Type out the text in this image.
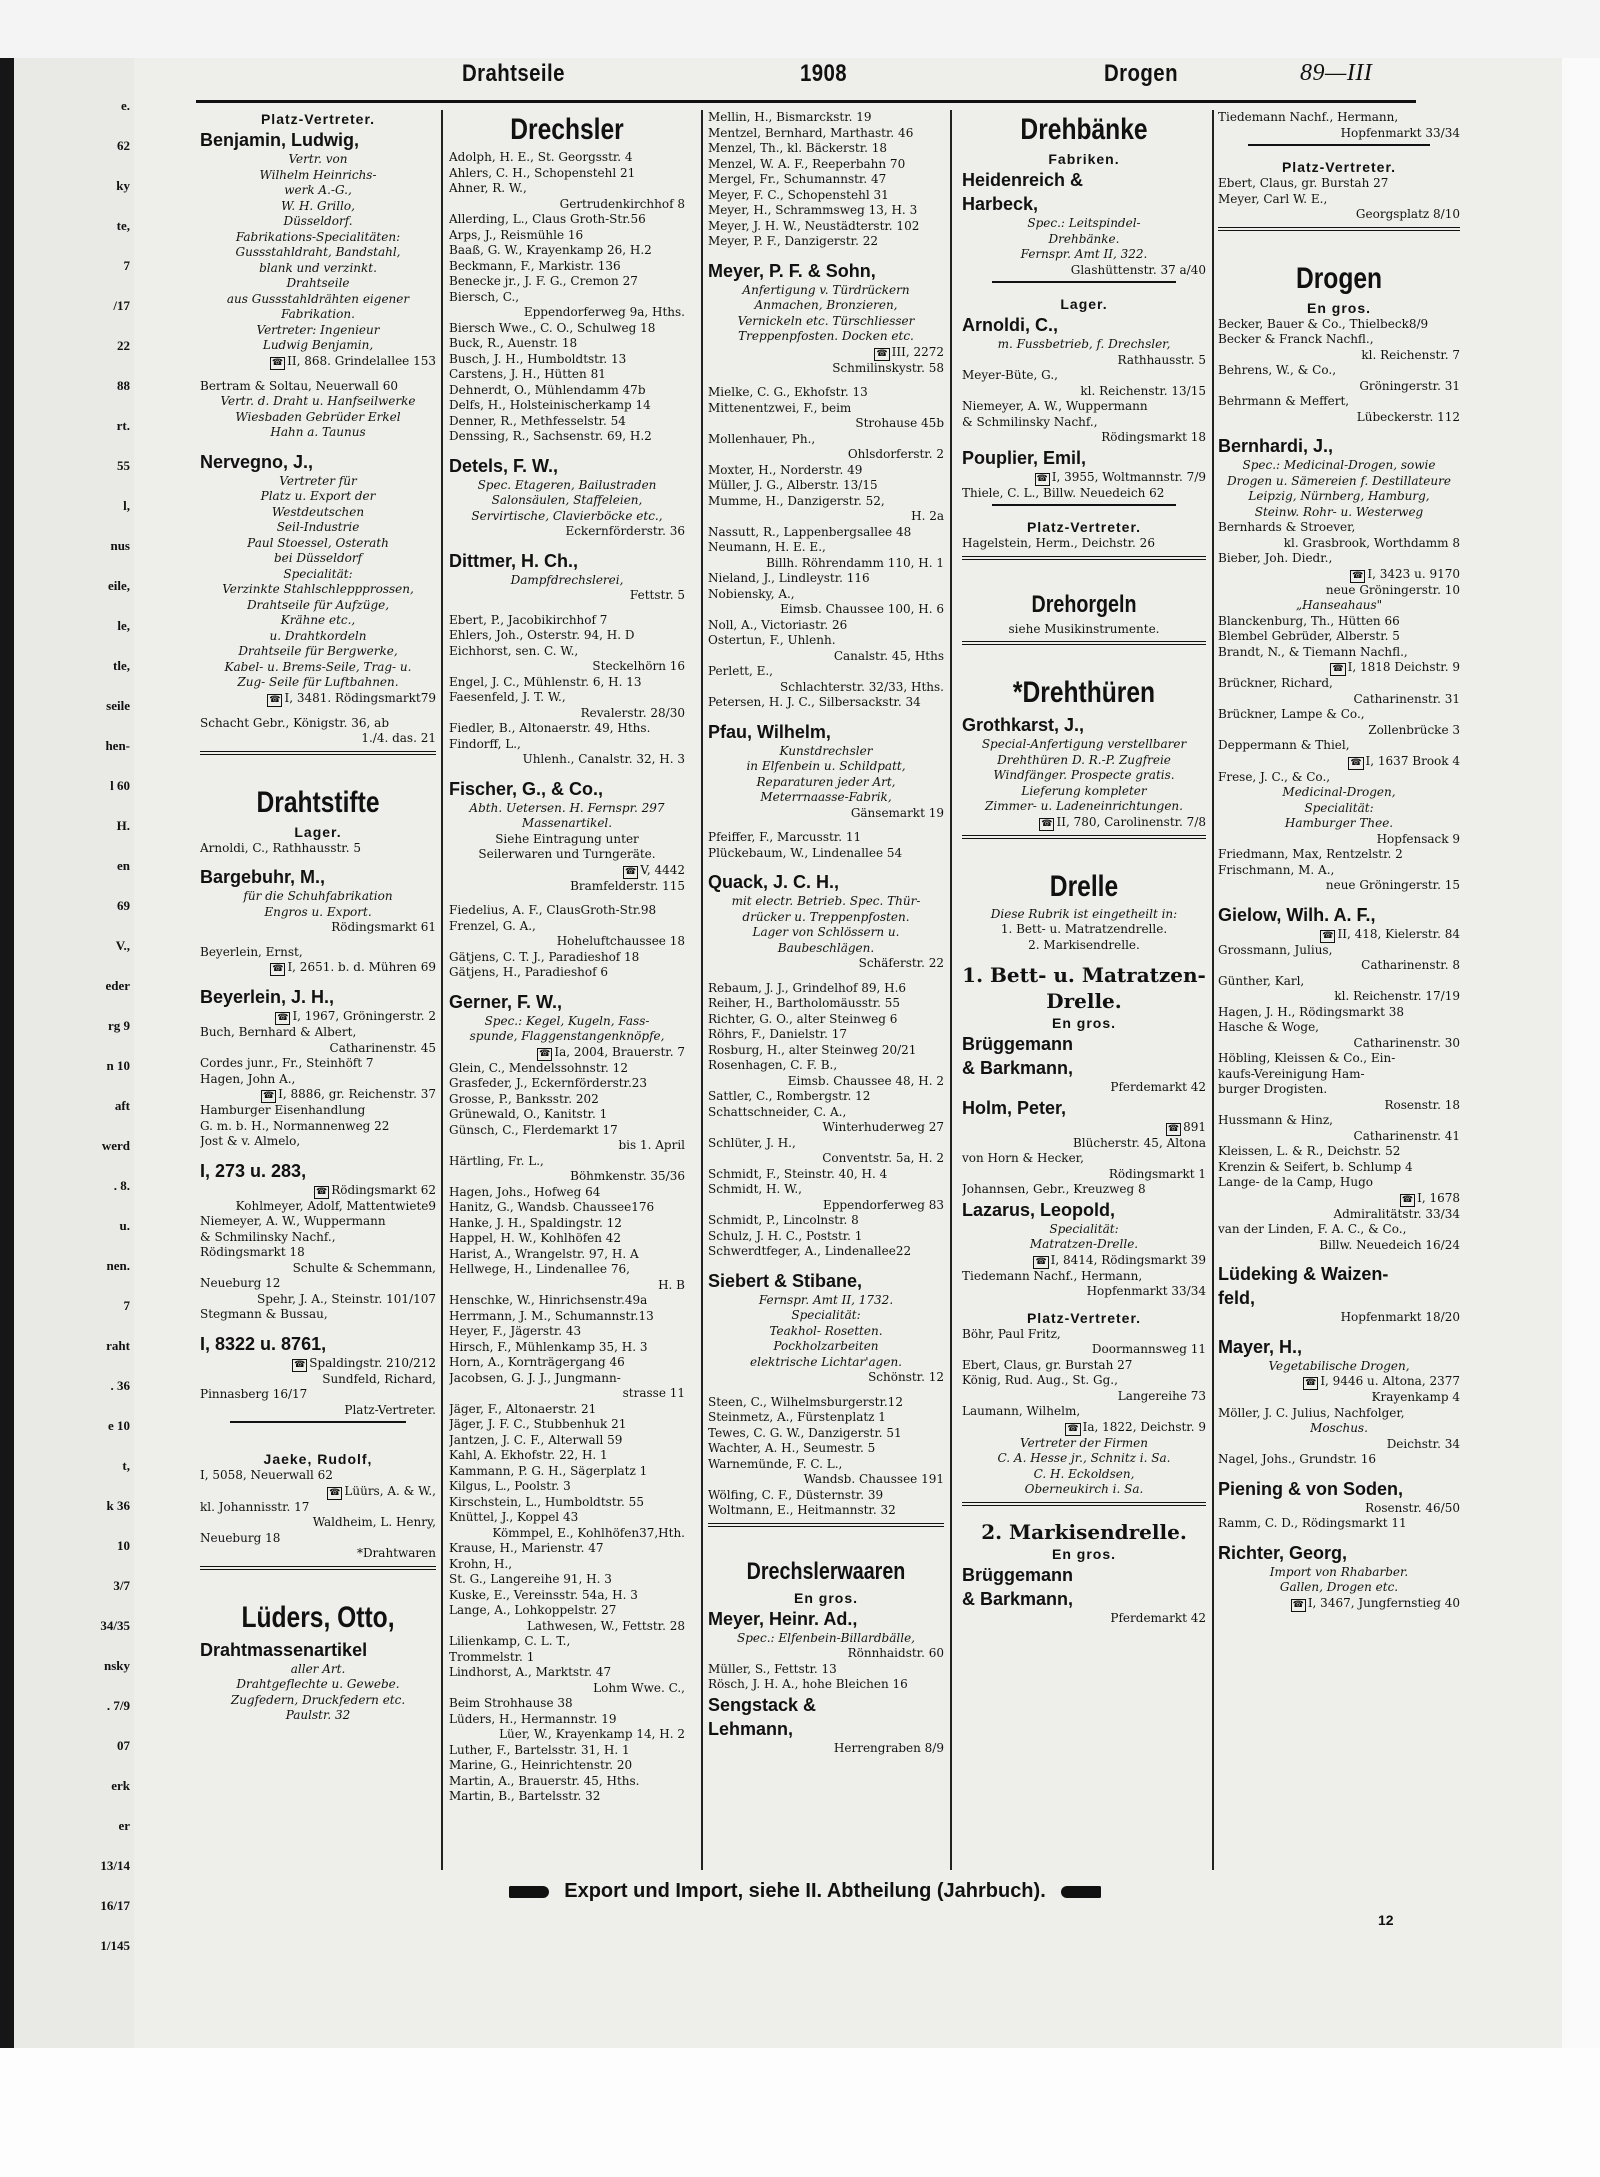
e.
62
ky
te,
7
/17
22
88
rt.
55
l,
nus
eile,
le,
tle,
seile
hen-
l 60
H.
en
69
V.,
eder
rg 9
n 10
aft
werd
. 8.
u.
nen.
7
raht
. 36
e 10
t,
k 36
10
3/7
34/35
nsky
. 7/9
07
erk
er
13/14
16/17
1/145
Drahtseile	1908	Drogen	89—III
Platz-Vertreter.
Benjamin, Ludwig,
Vertr. von
Wilhelm Heinrichs-
werk A.-G.,
W. H. Grillo,
Düsseldorf.
Fabrikations-Specialitäten:
Gussstahldraht, Bandstahl,
blank und verzinkt.
Drahtseile
aus Gussstahldrähten eigener
Fabrikation.
Vertreter: Ingenieur
Ludwig Benjamin,
☎ II, 868. Grindelallee 153
Bertram & Soltau, Neuerwall 60
Vertr. d. Draht u. Hanfseilwerke
Wiesbaden Gebrüder Erkel
Hahn a. Taunus
Nervegno, J.,
Vertreter für
Platz u. Export der
Westdeutschen
Seil-Industrie
Paul Stoessel, Osterath
bei Düsseldorf
Specialität:
Verzinkte Stahlschleppprossen,
Drahtseile für Aufzüge,
Krähne etc.,
u. Drahtkordeln
Drahtseile für Bergwerke,
Kabel- u. Brems-Seile, Trag- u.
Zug- Seile für Luftbahnen.
☎ I, 3481. Rödingsmarkt79
Schacht Gebr., Königstr. 36, ab
1./4. das. 21
Drahtstifte
Lager.
Arnoldi, C., Rathhausstr. 5
Bargebuhr, M.,
für die Schuhfabrikation
Engros u. Export.
Rödingsmarkt 61
Beyerlein, Ernst,
☎ I, 2651. b. d. Mühren 69
Beyerlein, J. H.,
☎ I, 1967, Gröningerstr. 2
Buch, Bernhard & Albert,
Catharinenstr. 45
Cordes junr., Fr., Steinhöft 7
Hagen, John A.,
☎ I, 8886, gr. Reichenstr. 37
Hamburger Eisenhandlung
G. m. b. H., Normannenweg 22
Jost & v. Almelo,
I, 273 u. 283,
☎ Rödingsmarkt 62
Kohlmeyer, Adolf, Mattentwiete9
Niemeyer, A. W., Wuppermann
& Schmilinsky Nachf.,
Rödingsmarkt 18
Schulte & Schemmann,
Neueburg 12
Spehr, J. A., Steinstr. 101/107
Stegmann & Bussau,
I, 8322 u. 8761,
☎ Spaldingstr. 210/212
Sundfeld, Richard,
Pinnasberg 16/17
Platz-Vertreter.
Jaeke, Rudolf,
I, 5058, Neuerwall 62
☎ Lüürs, A. & W.,
kl. Johannisstr. 17
Waldheim, L. Henry,
Neueburg 18
*Drahtwaren
Lüders, Otto,
Drahtmassenartikel
aller Art.
Drahtgeflechte u. Gewebe.
Zugfedern, Druckfedern etc.
Paulstr. 32
Drechsler
Adolph, H. E., St. Georgsstr. 4
Ahlers, C. H., Schopenstehl 21
Ahner, R. W.,
Gertrudenkirchhof 8
Allerding, L., Claus Groth-Str.56
Arps, J., Reismühle 16
Baaß, G. W., Krayenkamp 26, H.2
Beckmann, F., Markistr. 136
Benecke jr., J. F. G., Cremon 27
Biersch, C.,
Eppendorferweg 9a, Hths.
Biersch Wwe., C. O., Schulweg 18
Buck, R., Auenstr. 18
Busch, J. H., Humboldtstr. 13
Carstens, J. H., Hütten 81
Dehnerdt, O., Mühlendamm 47b
Delfs, H., Holsteinischerkamp 14
Denner, R., Methfesselstr. 54
Denssing, R., Sachsenstr. 69, H.2
Detels, F. W.,
Spec. Etageren, Bailustraden
Salonsäulen, Staffeleien,
Servirtische, Clavierböcke etc.,
Eckernförderstr. 36
Dittmer, H. Ch.,
Dampfdrechslerei,
Fettstr. 5
Ebert, P., Jacobikirchhof 7
Ehlers, Joh., Osterstr. 94, H. D
Eichhorst, sen. C. W.,
Steckelhörn 16
Engel, J. C., Mühlenstr. 6, H. 13
Faesenfeld, J. T. W.,
Revalerstr. 28/30
Fiedler, B., Altonaerstr. 49, Hths.
Findorff, L.,
Uhlenh., Canalstr. 32, H. 3
Fischer, G., & Co.,
Abth. Uetersen. H. Fernspr. 297
Massenartikel.
Siehe Eintragung unter
Seilerwaren und Turngeräte.
☎ V, 4442
Bramfelderstr. 115
Fiedelius, A. F., ClausGroth-Str.98
Frenzel, G. A.,
Hoheluftchaussee 18
Gätjens, C. T. J., Paradieshof 18
Gätjens, H., Paradieshof 6
Gerner, F. W.,
Spec.: Kegel, Kugeln, Fass-
spunde, Flaggenstangenknöpfe,
☎ Ia, 2004, Brauerstr. 7
Glein, C., Mendelssohnstr. 12
Grasfeder, J., Eckernförderstr.23
Grosse, P., Banksstr. 202
Grünewald, O., Kanitstr. 1
Günsch, C., Flerdemarkt 17
bis 1. April
Härtling, Fr. L.,
Böhmkenstr. 35/36
Hagen, Johs., Hofweg 64
Hanitz, G., Wandsb. Chaussee176
Hanke, J. H., Spaldingstr. 12
Happel, H. W., Kohlhöfen 42
Harist, A., Wrangelstr. 97, H. A
Hellwege, H., Lindenallee 76,
H. B
Henschke, W., Hinrichsenstr.49a
Herrmann, J. M., Schumannstr.13
Heyer, F., Jägerstr. 43
Hirsch, F., Mühlenkamp 35, H. 3
Horn, A., Kornträgergang 46
Jacobsen, G. J. J., Jungmann-
strasse 11
Jäger, F., Altonaerstr. 21
Jäger, J. F. C., Stubbenhuk 21
Jantzen, J. C. F., Alterwall 59
Kahl, A. Ekhofstr. 22, H. 1
Kammann, P. G. H., Sägerplatz 1
Kilgus, L., Poolstr. 3
Kirschstein, L., Humboldtstr. 55
Knüttel, J., Koppel 43
Kömmpel, E., Kohlhöfen37,Hth.
Krause, H., Marienstr. 47
Krohn, H.,
St. G., Langereihe 91, H. 3
Kuske, E., Vereinsstr. 54a, H. 3
Lange, A., Lohkoppelstr. 27
Lathwesen, W., Fettstr. 28
Lilienkamp, C. L. T.,
Trommelstr. 1
Lindhorst, A., Marktstr. 47
Lohm Wwe. C.,
Beim Strohhause 38
Lüders, H., Hermannstr. 19
Lüer, W., Krayenkamp 14, H. 2
Luther, F., Bartelsstr. 31, H. 1
Marine, G., Heinrichtenstr. 20
Martin, A., Brauerstr. 45, Hths.
Martin, B., Bartelsstr. 32
Mellin, H., Bismarckstr. 19
Mentzel, Bernhard, Marthastr. 46
Menzel, Th., kl. Bäckerstr. 18
Menzel, W. A. F., Reeperbahn 70
Mergel, Fr., Schumannstr. 47
Meyer, F. C., Schopenstehl 31
Meyer, H., Schrammsweg 13, H. 3
Meyer, J. H. W., Neustädterstr. 102
Meyer, P. F., Danzigerstr. 22
Meyer, P. F. & Sohn,
Anfertigung v. Türdrückern
Anmachen, Bronzieren,
Vernickeln etc. Türschliesser
Treppenpfosten. Docken etc.
☎ III, 2272
Schmilinskystr. 58
Mielke, C. G., Ekhofstr. 13
Mittenentzwei, F., beim
Strohause 45b
Mollenhauer, Ph.,
Ohlsdorferstr. 2
Moxter, H., Norderstr. 49
Müller, J. G., Alberstr. 13/15
Mumme, H., Danzigerstr. 52,
H. 2a
Nassutt, R., Lappenbergsallee 48
Neumann, H. E. E.,
Billh. Röhrendamm 110, H. 1
Nieland, J., Lindleystr. 116
Nobiensky, A.,
Eimsb. Chaussee 100, H. 6
Noll, A., Victoriastr. 26
Ostertun, F., Uhlenh.
Canalstr. 45, Hths
Perlett, E.,
Schlachterstr. 32/33, Hths.
Petersen, H. J. C., Silbersackstr. 34
Pfau, Wilhelm,
Kunstdrechsler
in Elfenbein u. Schildpatt,
Reparaturen jeder Art,
Meterrnaasse-Fabrik,
Gänsemarkt 19
Pfeiffer, F., Marcusstr. 11
Plückebaum, W., Lindenallee 54
Quack, J. C. H.,
mit electr. Betrieb. Spec. Thür-
drücker u. Treppenpfosten.
Lager von Schlössern u.
Baubeschlägen.
Schäferstr. 22
Rebaum, J. J., Grindelhof 89, H.6
Reiher, H., Bartholomäusstr. 55
Richter, G. O., alter Steinweg 6
Röhrs, F., Danielstr. 17
Rosburg, H., alter Steinweg 20/21
Rosenhagen, C. F. B.,
Eimsb. Chaussee 48, H. 2
Sattler, C., Rombergstr. 12
Schattschneider, C. A.,
Winterhuderweg 27
Schlüter, J. H.,
Conventstr. 5a, H. 2
Schmidt, F., Steinstr. 40, H. 4
Schmidt, H. W.,
Eppendorferweg 83
Schmidt, P., Lincolnstr. 8
Schulz, J. H. C., Poststr. 1
Schwerdtfeger, A., Lindenallee22
Siebert & Stibane,
Fernspr. Amt II, 1732.
Specialität:
Teakhol- Rosetten.
Pockholzarbeiten
elektrische Lichtar'agen.
Schönstr. 12
Steen, C., Wilhelmsburgerstr.12
Steinmetz, A., Fürstenplatz 1
Tewes, C. G. W., Danzigerstr. 51
Wachter, A. H., Seumestr. 5
Warnemünde, F. C. L.,
Wandsb. Chaussee 191
Wölfing, C. F., Düsternstr. 39
Woltmann, E., Heitmannstr. 32
Drechslerwaaren
En gros.
Meyer, Heinr. Ad.,
Spec.: Elfenbein-Billardbälle,
Rönnhaidstr. 60
Müller, S., Fettstr. 13
Rösch, J. H. A., hohe Bleichen 16
Sengstack &
Lehmann,
Herrengraben 8/9
Drehbänke
Fabriken.
Heidenreich &
Harbeck,
Spec.: Leitspindel-
Drehbänke.
Fernspr. Amt II, 322.
Glashüttenstr. 37 a/40
Lager.
Arnoldi, C.,
m. Fussbetrieb, f. Drechsler,
Rathhausstr. 5
Meyer-Büte, G.,
kl. Reichenstr. 13/15
Niemeyer, A. W., Wuppermann
& Schmilinsky Nachf.,
Rödingsmarkt 18
Pouplier, Emil,
☎ I, 3955, Woltmannstr. 7/9
Thiele, C. L., Billw. Neuedeich 62
Platz-Vertreter.
Hagelstein, Herm., Deichstr. 26
Drehorgeln
siehe Musikinstrumente.
*Drehthüren
Grothkarst, J.,
Special-Anfertigung verstellbarer
Drehthüren D. R.-P. Zugfreie
Windfänger. Prospecte gratis.
Lieferung kompleter
Zimmer- u. Ladeneinrichtungen.
☎ II, 780, Carolinenstr. 7/8
Drelle
Diese Rubrik ist eingetheilt in:
1. Bett- u. Matratzendrelle.
2. Markisendrelle.
1. Bett- u. Matratzen-
Drelle.
En gros.
Brüggemann
& Barkmann,
Pferdemarkt 42
Holm, Peter,
☎ 891
Blücherstr. 45, Altona
von Horn & Hecker,
Rödingsmarkt 1
Johannsen, Gebr., Kreuzweg 8
Lazarus, Leopold,
Specialität:
Matratzen-Drelle.
☎ I, 8414, Rödingsmarkt 39
Tiedemann Nachf., Hermann,
Hopfenmarkt 33/34
Platz-Vertreter.
Böhr, Paul Fritz,
Doormannsweg 11
Ebert, Claus, gr. Burstah 27
König, Rud. Aug., St. Gg.,
Langereihe 73
Laumann, Wilhelm,
☎ Ia, 1822, Deichstr. 9
Vertreter der Firmen
C. A. Hesse jr., Schnitz i. Sa.
C. H. Eckoldsen,
Oberneukirch i. Sa.
2. Markisendrelle.
En gros.
Brüggemann
& Barkmann,
Pferdemarkt 42
Tiedemann Nachf., Hermann,
Hopfenmarkt 33/34
Platz-Vertreter.
Ebert, Claus, gr. Burstah 27
Meyer, Carl W. E.,
Georgsplatz 8/10
Drogen
En gros.
Becker, Bauer & Co., Thielbeck8/9
Becker & Franck Nachfl.,
kl. Reichenstr. 7
Behrens, W., & Co.,
Gröningerstr. 31
Behrmann & Meffert,
Lübeckerstr. 112
Bernhardi, J.,
Spec.: Medicinal-Drogen, sowie
Drogen u. Sämereien f. Destillateure
Leipzig, Nürnberg, Hamburg,
Steinw. Rohr- u. Westerweg
Bernhards & Stroever,
kl. Grasbrook, Worthdamm 8
Bieber, Joh. Diedr.,
☎ I, 3423 u. 9170
neue Gröningerstr. 10
„Hanseahaus"
Blanckenburg, Th., Hütten 66
Blembel Gebrüder, Alberstr. 5
Brandt, N., & Tiemann Nachfl.,
☎ I, 1818 Deichstr. 9
Brückner, Richard,
Catharinenstr. 31
Brückner, Lampe & Co.,
Zollenbrücke 3
Deppermann & Thiel,
☎ I, 1637 Brook 4
Frese, J. C., & Co.,
Medicinal-Drogen,
Specialität:
Hamburger Thee.
Hopfensack 9
Friedmann, Max, Rentzelstr. 2
Frischmann, M. A.,
neue Gröningerstr. 15
Gielow, Wilh. A. F.,
☎ II, 418, Kielerstr. 84
Grossmann, Julius,
Catharinenstr. 8
Günther, Karl,
kl. Reichenstr. 17/19
Hagen, J. H., Rödingsmarkt 38
Hasche & Woge,
Catharinenstr. 30
Höbling, Kleissen & Co., Ein-
kaufs-Vereinigung Ham-
burger Drogisten.
Rosenstr. 18
Hussmann & Hinz,
Catharinenstr. 41
Kleissen, L. & R., Deichstr. 52
Krenzin & Seifert, b. Schlump 4
Lange- de la Camp, Hugo
☎ I, 1678
Admiralitätstr. 33/34
van der Linden, F. A. C., & Co.,
Billw. Neuedeich 16/24
Lüdeking & Waizen-
feld,
Hopfenmarkt 18/20
Mayer, H.,
Vegetabilische Drogen,
☎ I, 9446 u. Altona, 2377
Krayenkamp 4
Möller, J. C. Julius, Nachfolger,
Moschus.
Deichstr. 34
Nagel, Johs., Grundstr. 16
Piening & von Soden,
Rosenstr. 46/50
Ramm, C. D., Rödingsmarkt 11
Richter, Georg,
Import von Rhabarber.
Gallen, Drogen etc.
☎ I, 3467, Jungfernstieg 40
Export und Import, siehe II. Abtheilung (Jahrbuch).
12
